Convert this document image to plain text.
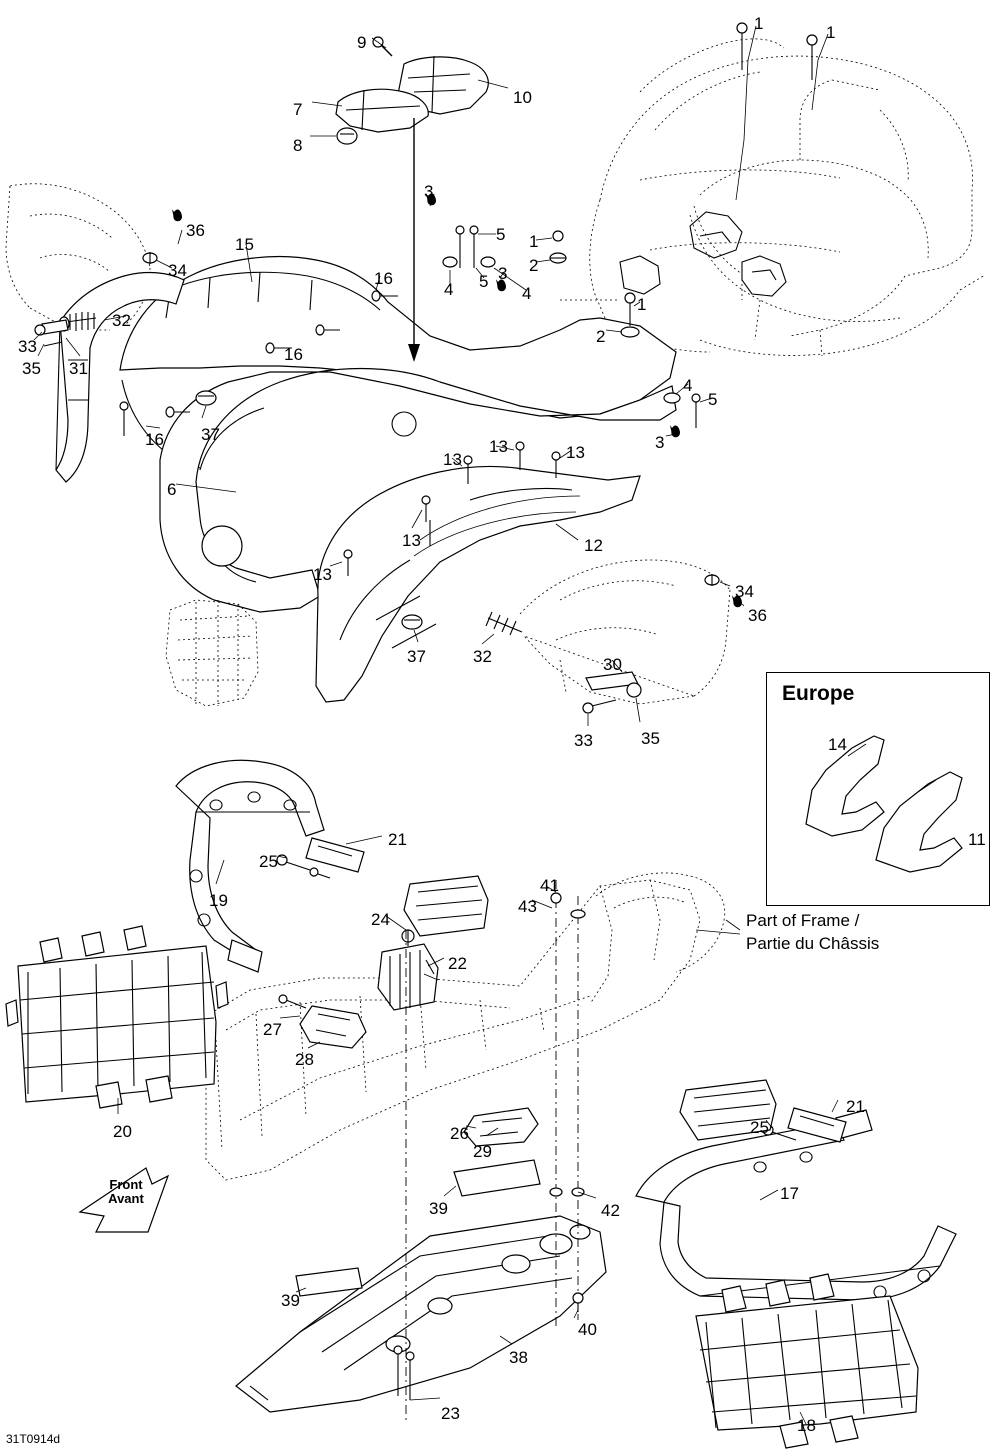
Europe
Part of Frame /
Partie du Châssis
Front
Avant
31T0914d
9
10
7
8
1	1
3
5 1
2
4 5 3
4
1
2
36
34
15
16
32
33
35 31
16
16 37
4
5
3
6
13
13	13
13
13
12
37	32
34
36
30
33	35	14
11
21
25
19
41
43
24
22
27
28
20	26
29
21
25
17
39	42
39
40
38
23
18
